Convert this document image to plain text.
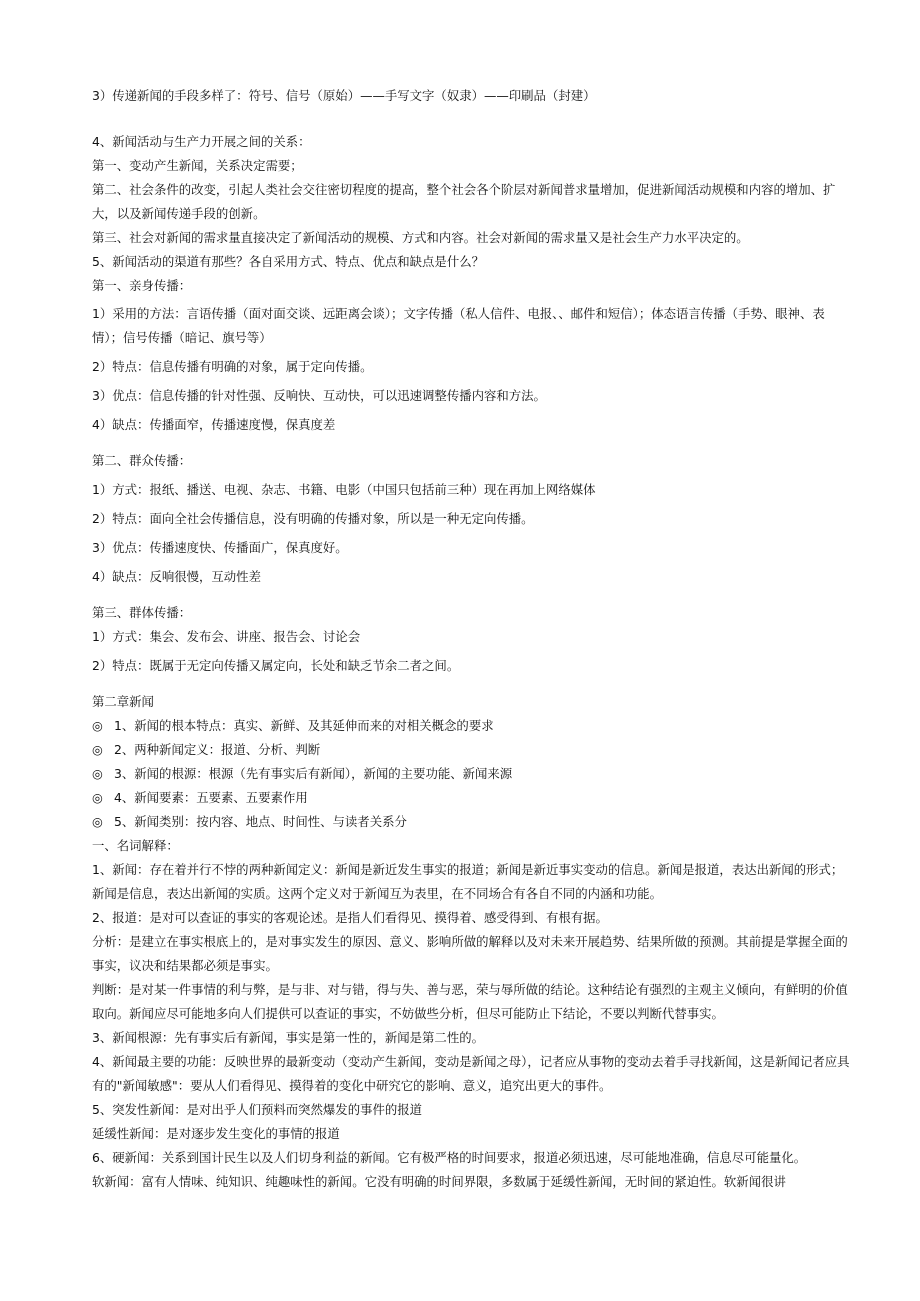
3）传递新闻的手段多样了：符号、信号（原始）——手写文字（奴隶）——印刷品（封建）

4、新闻活动与生产力开展之间的关系：

第一、变动产生新闻，关系决定需要；

第二、社会条件的改变，引起人类社会交往密切程度的提高，整个社会各个阶层对新闻普求量增加，促进新闻活动规模和内容的增加、扩大，以及新闻传递手段的创新。

第三、社会对新闻的需求量直接决定了新闻活动的规模、方式和内容。社会对新闻的需求量又是社会生产力水平决定的。

5、新闻活动的渠道有那些？各自采用方式、特点、优点和缺点是什么？

第一、亲身传播：

1）采用的方法：言语传播（面对面交谈、远距离会谈）；文字传播（私人信件、电报、、邮件和短信）；体态语言传播（手势、眼神、表情）；信号传播（暗记、旗号等）

2）特点：信息传播有明确的对象，属于定向传播。

3）优点：信息传播的针对性强、反响快、互动快，可以迅速调整传播内容和方法。

4）缺点：传播面窄，传播速度慢，保真度差

第二、群众传播：

1）方式：报纸、播送、电视、杂志、书籍、电影（中国只包括前三种）现在再加上网络媒体

2）特点：面向全社会传播信息，没有明确的传播对象，所以是一种无定向传播。

3）优点：传播速度快、传播面广，保真度好。

4）缺点：反响很慢，互动性差

第三、群体传播：

1）方式：集会、发布会、讲座、报告会、讨论会

2）特点：既属于无定向传播又属定向，长处和缺乏节余二者之间。

第二章新闻

◎ 1、新闻的根本特点：真实、新鲜、及其延伸而来的对相关概念的要求

◎ 2、两种新闻定义：报道、分析、判断

◎ 3、新闻的根源：根源（先有事实后有新闻），新闻的主要功能、新闻来源

◎ 4、新闻要素：五要素、五要素作用

◎ 5、新闻类别：按内容、地点、时间性、与读者关系分

一、名词解释：

1、新闻：存在着并行不悖的两种新闻定义：新闻是新近发生事实的报道；新闻是新近事实变动的信息。新闻是报道，表达出新闻的形式；新闻是信息，表达出新闻的实质。这两个定义对于新闻互为表里，在不同场合有各自不同的内涵和功能。

2、报道：是对可以查证的事实的客观论述。是指人们看得见、摸得着、感受得到、有根有据。

分析：是建立在事实根底上的，是对事实发生的原因、意义、影响所做的解释以及对未来开展趋势、结果所做的预测。其前提是掌握全面的事实，议决和结果都必须是事实。

判断：是对某一件事情的利与弊，是与非、对与错，得与失、善与恶，荣与辱所做的结论。这种结论有强烈的主观主义倾向，有鲜明的价值取向。新闻应尽可能地多向人们提供可以查证的事实，不妨做些分析，但尽可能防止下结论，不要以判断代替事实。

3、新闻根源：先有事实后有新闻，事实是第一性的，新闻是第二性的。

4、新闻最主要的功能：反映世界的最新变动（变动产生新闻，变动是新闻之母），记者应从事物的变动去着手寻找新闻，这是新闻记者应具有的"新闻敏感"：要从人们看得见、摸得着的变化中研究它的影响、意义，追究出更大的事件。

5、突发性新闻：是对出乎人们预料而突然爆发的事件的报道

延缓性新闻：是对逐步发生变化的事情的报道

6、硬新闻：关系到国计民生以及人们切身利益的新闻。它有极严格的时间要求，报道必须迅速，尽可能地准确，信息尽可能量化。

软新闻：富有人情味、纯知识、纯趣味性的新闻。它没有明确的时间界限，多数属于延缓性新闻，无时间的紧迫性。软新闻很讲
